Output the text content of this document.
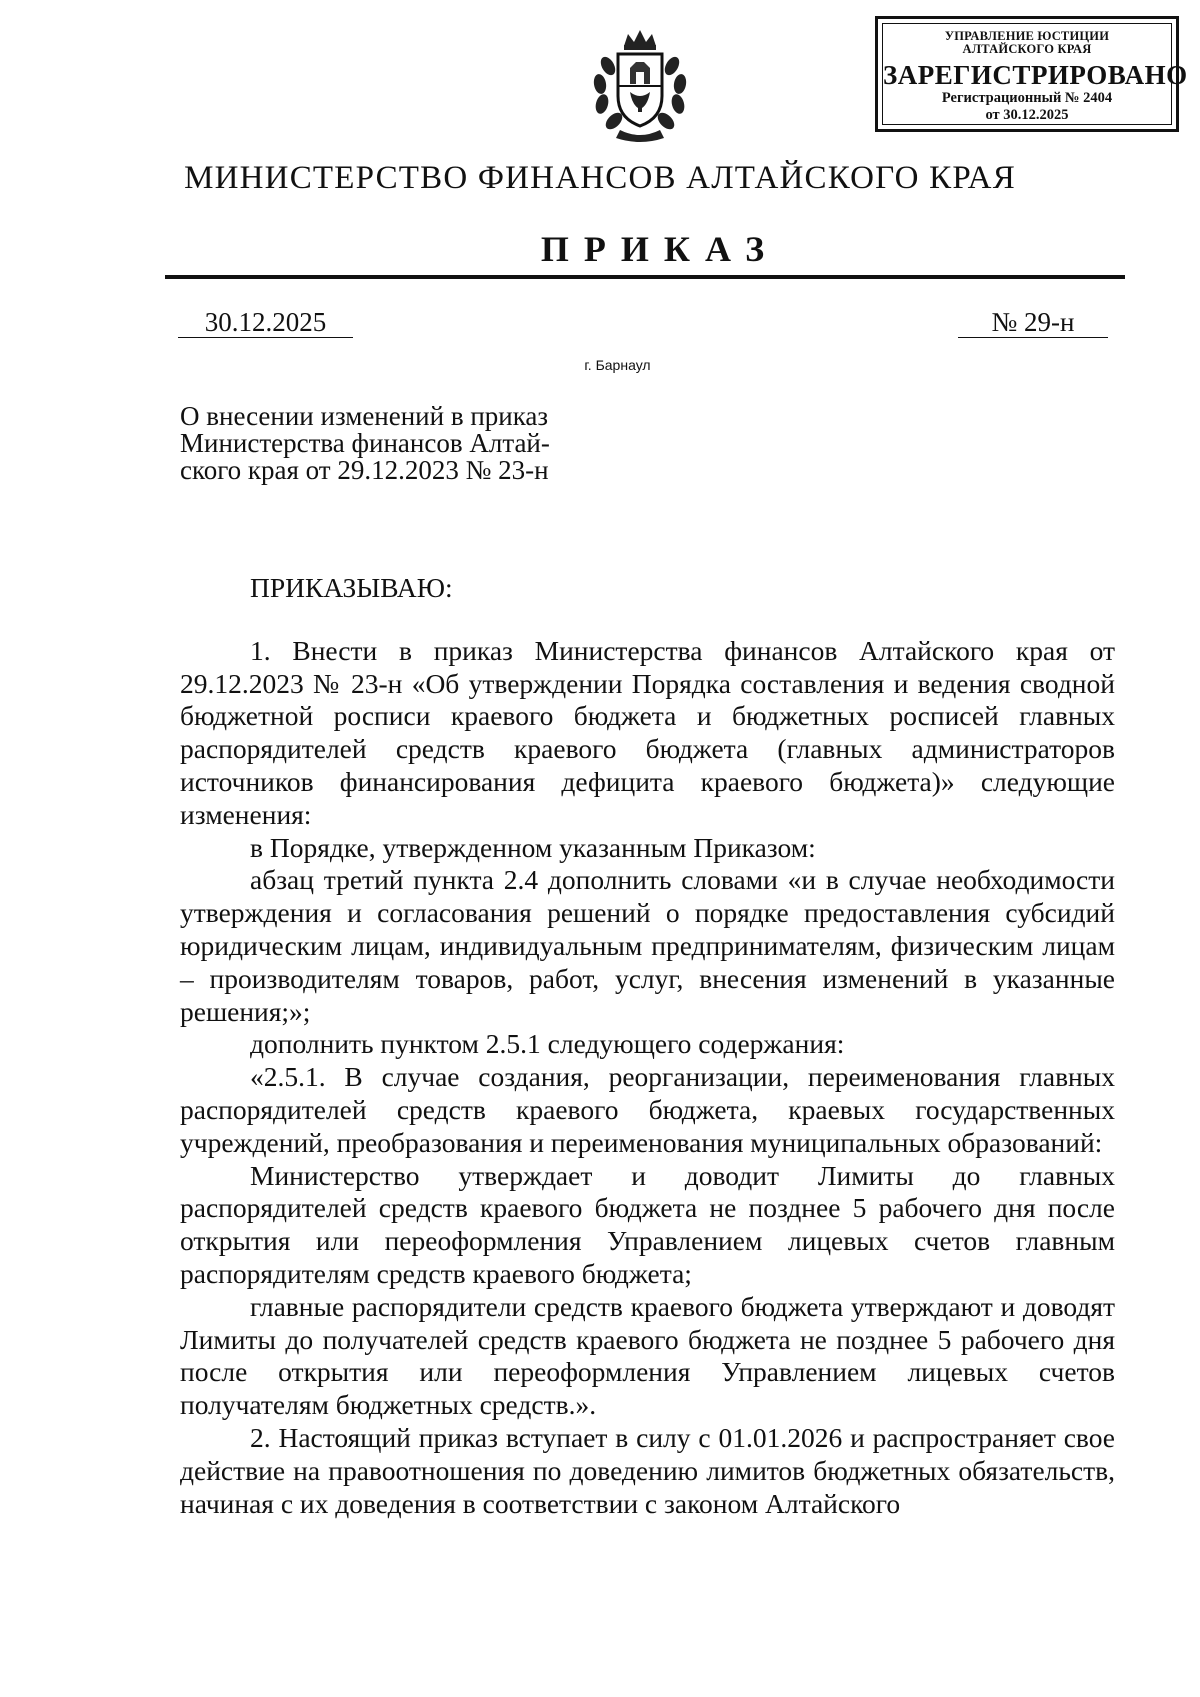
УПРАВЛЕНИЕ ЮСТИЦИИ
АЛТАЙСКОГО КРАЯ
ЗАРЕГИСТРИРОВАНО
Регистрационный № 2404
от 30.12.2025
МИНИСТЕРСТВО ФИНАНСОВ АЛТАЙСКОГО КРАЯ
ПРИКАЗ
30.12.2025	№ 29-н
г. Барнаул
О внесении изменений в приказ
Министерства финансов Алтай-
ского края от 29.12.2023 № 23-н

ПРИКАЗЫВАЮ:

1. Внести в приказ Министерства финансов Алтайского края от 29.12.2023 № 23-н «Об утверждении Порядка составления и ведения сводной бюджетной росписи краевого бюджета и бюджетных росписей главных распорядителей средств краевого бюджета (главных администраторов источников финансирования дефицита краевого бюджета)» следующие изменения:

в Порядке, утвержденном указанным Приказом:

абзац третий пункта 2.4 дополнить словами «и в случае необходимости утверждения и согласования решений о порядке предоставления субсидий юридическим лицам, индивидуальным предпринимателям, физическим лицам – производителям товаров, работ, услуг, внесения изменений в указанные решения;»;

дополнить пунктом 2.5.1 следующего содержания:

«2.5.1. В случае создания, реорганизации, переименования главных распорядителей средств краевого бюджета, краевых государственных учреждений, преобразования и переименования муниципальных образований:

Министерство утверждает и доводит Лимиты до главных распорядителей средств краевого бюджета не позднее 5 рабочего дня после открытия или переоформления Управлением лицевых счетов главным распорядителям средств краевого бюджета;

главные распорядители средств краевого бюджета утверждают и доводят Лимиты до получателей средств краевого бюджета не позднее 5 рабочего дня после открытия или переоформления Управлением лицевых счетов получателям бюджетных средств.».

2. Настоящий приказ вступает в силу с 01.01.2026 и распространяет свое действие на правоотношения по доведению лимитов бюджетных обязательств, начиная с их доведения в соответствии с законом Алтайского
